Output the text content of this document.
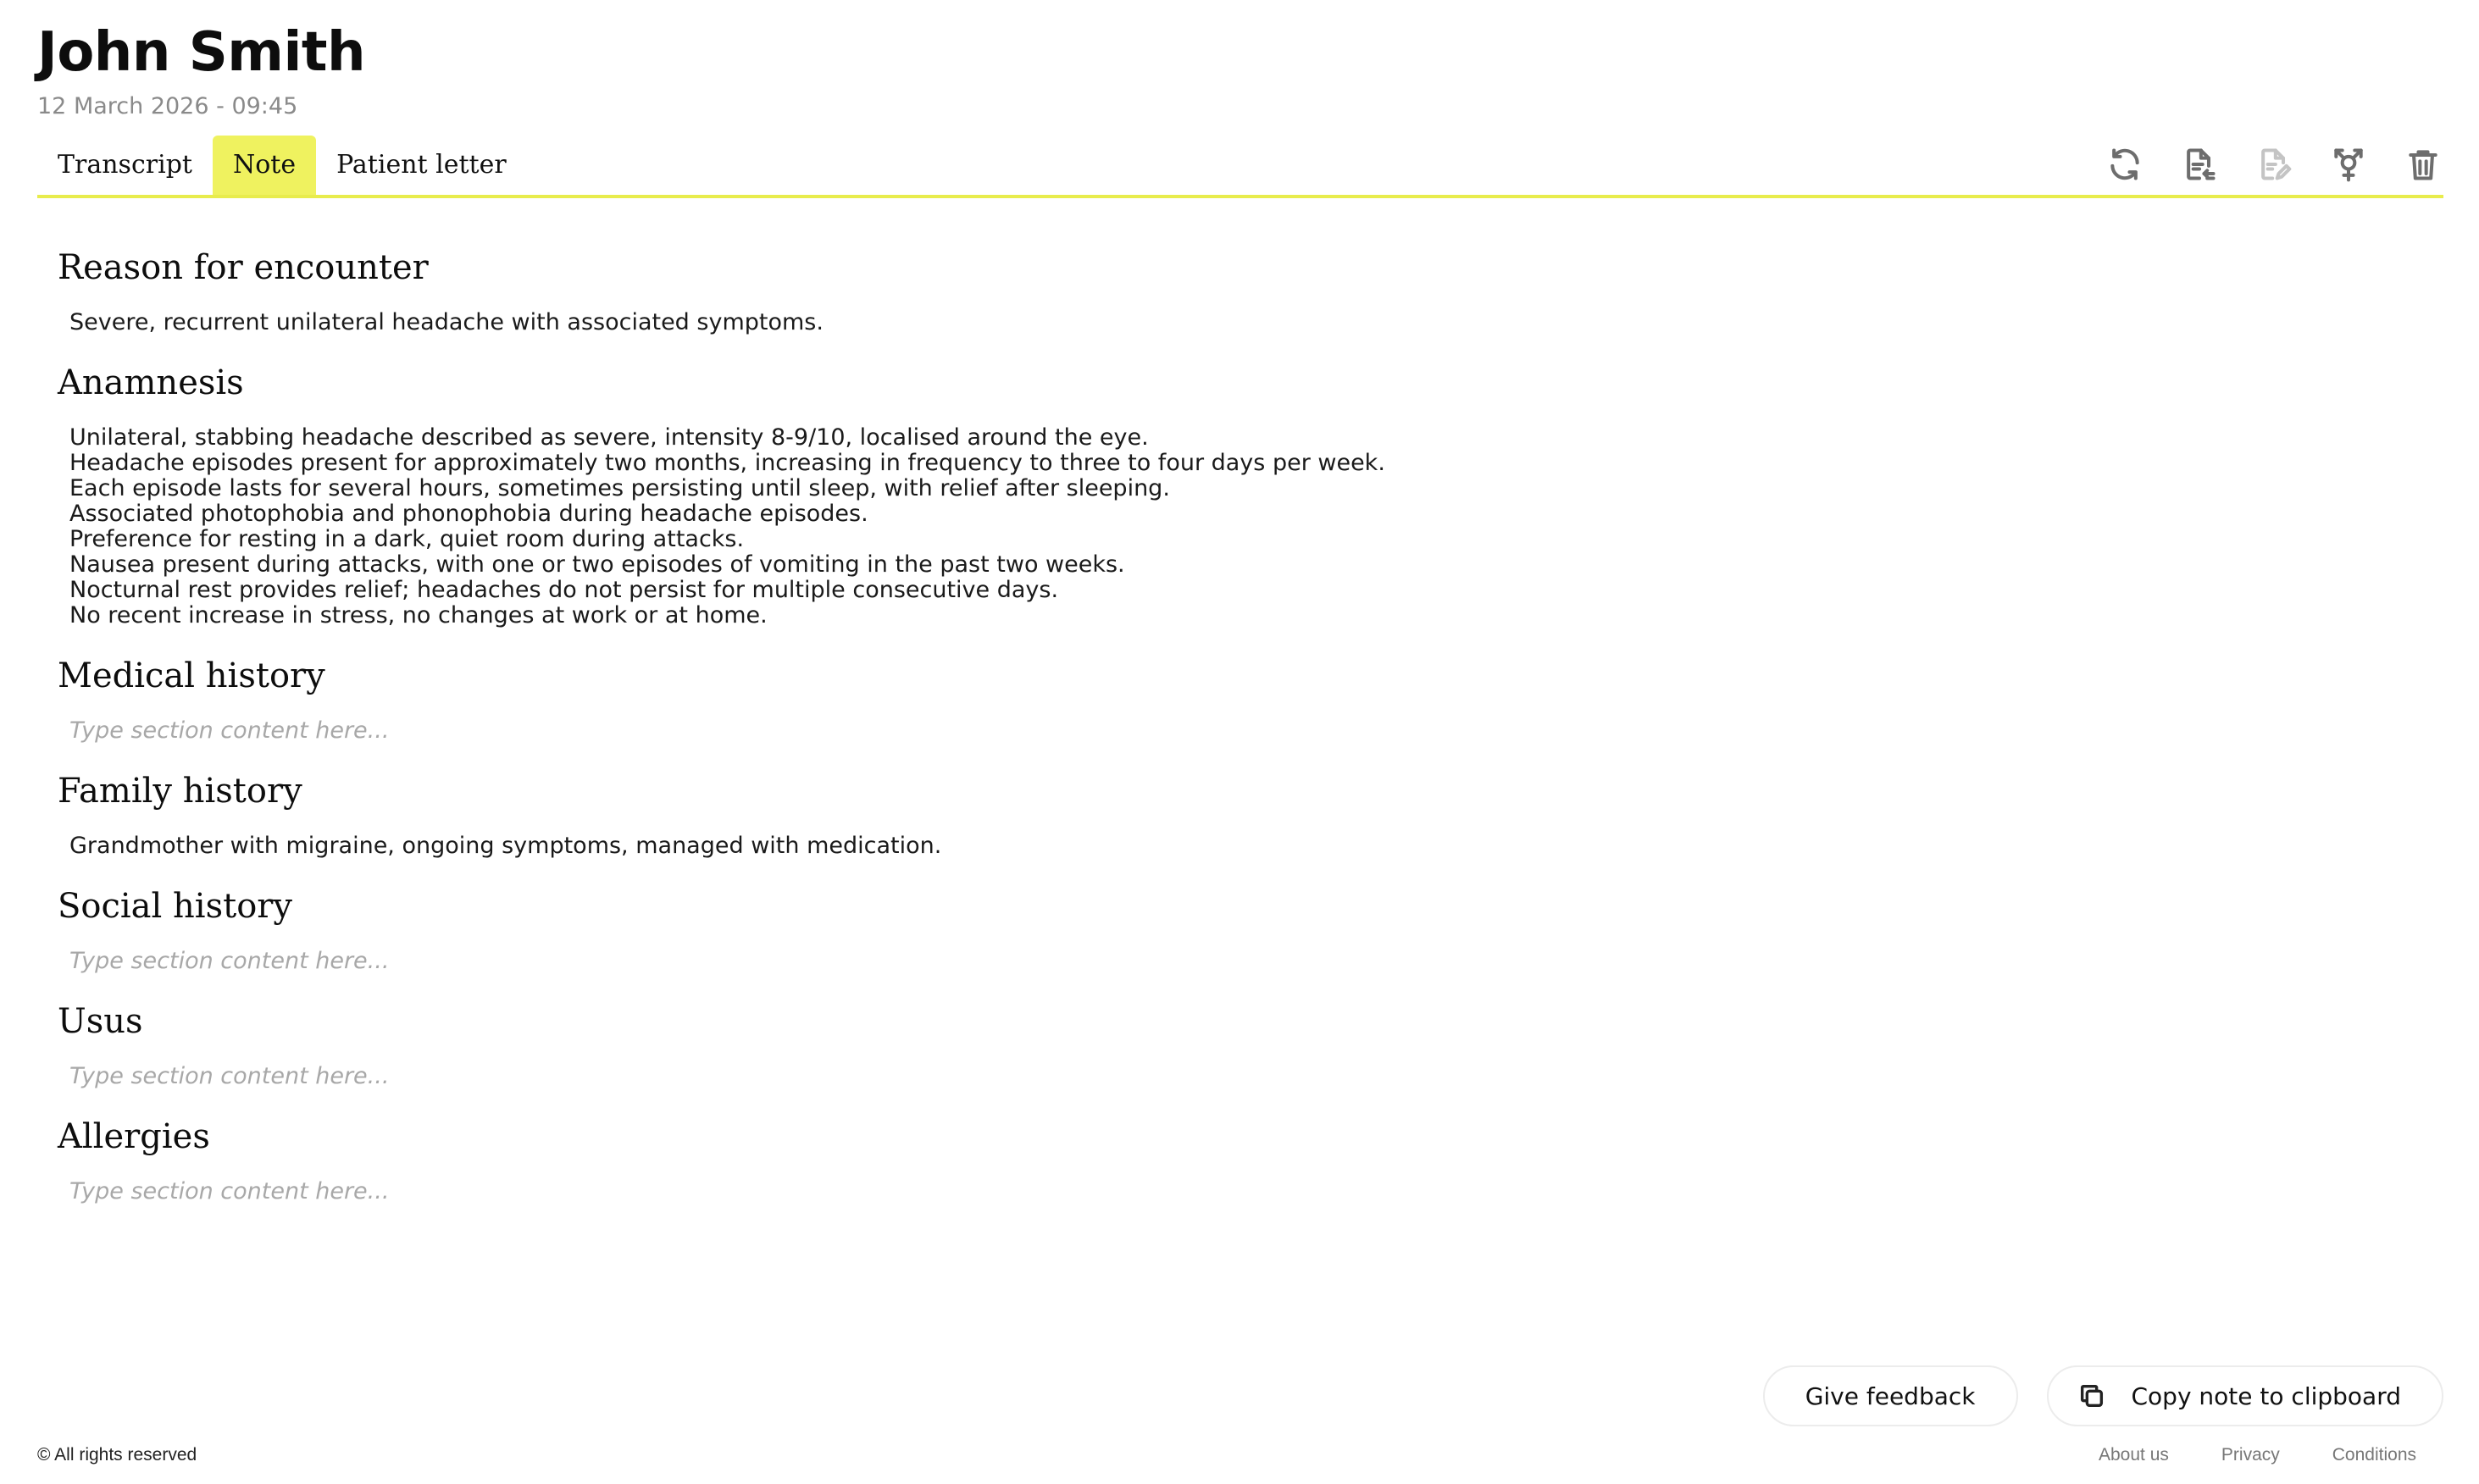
John Smith
12 March 2026 - 09:45
Transcript	Note	Patient letter
Reason for encounter
Severe, recurrent unilateral headache with associated symptoms.
Anamnesis
Unilateral, stabbing headache described as severe, intensity 8-9/10, localised around the eye.
Headache episodes present for approximately two months, increasing in frequency to three to four days per week.
Each episode lasts for several hours, sometimes persisting until sleep, with relief after sleeping.
Associated photophobia and phonophobia during headache episodes.
Preference for resting in a dark, quiet room during attacks.
Nausea present during attacks, with one or two episodes of vomiting in the past two weeks.
Nocturnal rest provides relief; headaches do not persist for multiple consecutive days.
No recent increase in stress, no changes at work or at home.
Medical history
Type section content here...
Family history
Grandmother with migraine, ongoing symptoms, managed with medication.
Social history
Type section content here...
Usus
Type section content here...
Allergies
Type section content here...
Give feedback	Copy note to clipboard
© All rights reserved	About us	Privacy	Conditions
